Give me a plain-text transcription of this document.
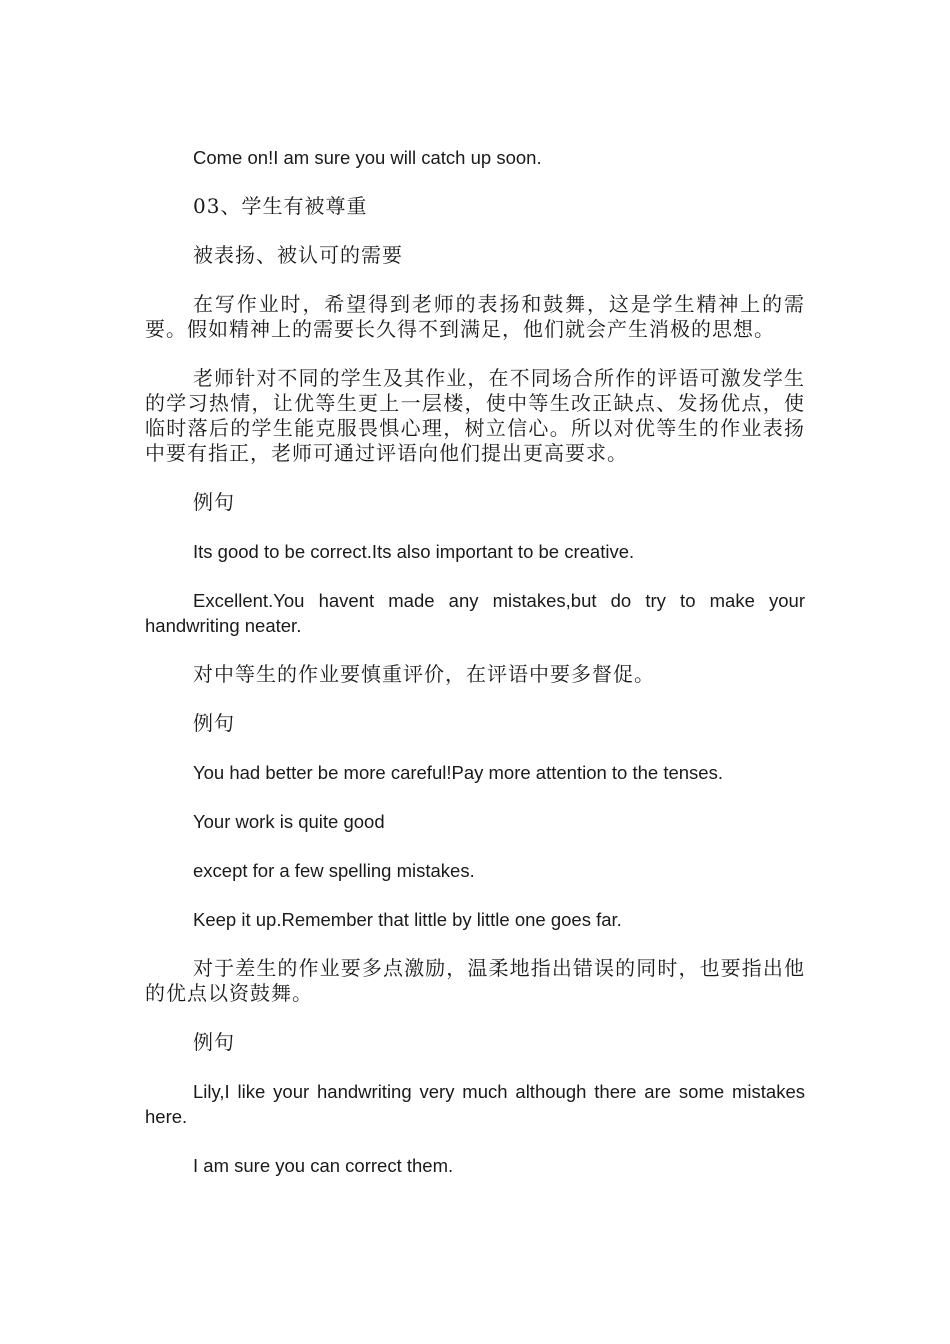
Come on!I am sure you will catch up soon.

03、学生有被尊重

被表扬、被认可的需要

在写作业时，希望得到老师的表扬和鼓舞，这是学生精神上的需要。假如精神上的需要长久得不到满足，他们就会产生消极的思想。

老师针对不同的学生及其作业，在不同场合所作的评语可激发学生的学习热情，让优等生更上一层楼，使中等生改正缺点、发扬优点，使临时落后的学生能克服畏惧心理，树立信心。所以对优等生的作业表扬中要有指正，老师可通过评语向他们提出更高要求。

例句

Its good to be correct.Its also important to be creative.

Excellent.You havent made any mistakes,but do try to make your handwriting neater.

对中等生的作业要慎重评价，在评语中要多督促。

例句

You had better be more careful!Pay more attention to the tenses.

Your work is quite good

except for a few spelling mistakes.

Keep it up.Remember that little by little one goes far.

对于差生的作业要多点激励，温柔地指出错误的同时，也要指出他的优点以资鼓舞。

例句

Lily,I like your handwriting very much although there are some mistakes here.

I am sure you can correct them.
